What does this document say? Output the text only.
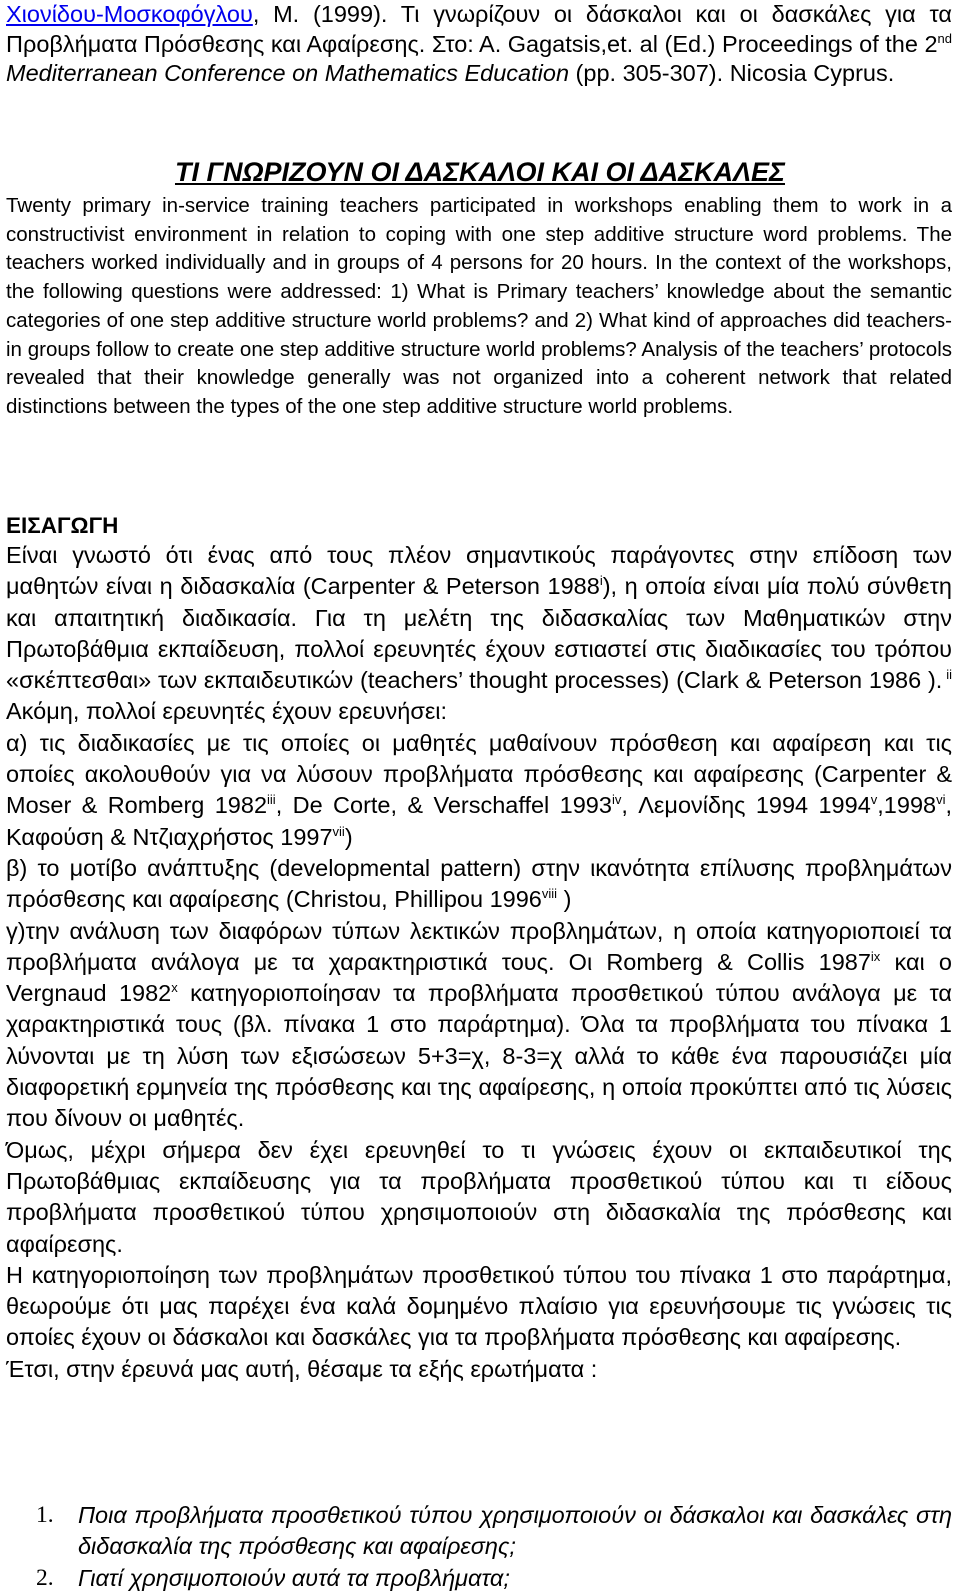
Χιονίδου-Μοσκοφόγλου, Μ. (1999). Τι γνωρίζουν οι δάσκαλοι και οι δασκάλες για τα Προβλήματα Πρόσθεσης και Αφαίρεσης. Στο: Α. Gagatsis,et. al (Ed.) Proceedings of the 2nd Mediterranean Conference on Mathematics Education (pp. 305-307). Nicosia Cyprus.

ΤΙ ΓΝΩΡΙΖΟΥΝ ΟΙ ΔΑΣΚΑΛΟΙ ΚΑΙ ΟΙ ΔΑΣΚΑΛΕΣ

Twenty primary in-service training teachers participated in workshops enabling them to work in a constructivist environment in relation to coping with one step additive structure word problems. The teachers worked individually and in groups of 4 persons for 20 hours. In the context of the workshops, the following questions were addressed: 1) What is Primary teachers’ knowledge about the semantic categories of one step additive structure world problems? and 2) What kind of approaches did teachers-in groups follow to create one step additive structure world problems? Analysis of the teachers’ protocols revealed that their knowledge generally was not organized into a coherent network that related distinctions between the types of the one step additive structure world problems.

ΕΙΣΑΓΩΓΗ

Είναι γνωστό ότι ένας από τους πλέον σημαντικούς παράγοντες στην επίδοση των μαθητών είναι η διδασκαλία (Carpenter & Peterson 1988$^i$), η οποία είναι μία πολύ σύνθετη και απαιτητική διαδικασία. Για τη μελέτη της διδασκαλίας των Μαθηματικών στην Πρωτοβάθμια εκπαίδευση, πολλοί ερευνητές έχουν εστιαστεί στις διαδικασίες του τρόπου «σκέπτεσθαι» των εκπαιδευτικών (teachers’ thought processes) (Clark & Peterson 1986 ). $^{ii}$ Ακόμη, πολλοί ερευνητές έχουν ερευνήσει:

α) τις διαδικασίες με τις οποίες οι μαθητές μαθαίνουν πρόσθεση και αφαίρεση και τις οποίες ακολουθούν για να λύσουν προβλήματα πρόσθεσης και αφαίρεσης (Carpenter & Moser & Romberg 1982$^{iii}$, De Corte, & Verschaffel 1993$^{iv}$, Λεμονίδης 1994 1994$^v$,1998$^{vi}$, Καφούση & Ντζιαχρήστος 1997$^{vii}$)

β) το μοτίβο ανάπτυξης (developmental pattern) στην ικανότητα επίλυσης προβλημάτων πρόσθεσης και αφαίρεσης (Christou, Phillipou 1996$^{viii}$ )

γ)την ανάλυση των διαφόρων τύπων λεκτικών προβλημάτων, η οποία κατηγοριοποιεί τα προβλήματα ανάλογα με τα χαρακτηριστικά τους. Οι Romberg & Collis 1987$^{ix}$ και ο Vergnaud 1982$^x$ κατηγοριοποίησαν τα προβλήματα προσθετικού τύπου ανάλογα με τα χαρακτηριστικά τους (βλ. πίνακα 1 στο παράρτημα). Όλα τα προβλήματα του πίνακα 1 λύνονται με τη λύση των εξισώσεων 5+3=χ, 8-3=χ αλλά το κάθε ένα παρουσιάζει μία διαφορετική ερμηνεία της πρόσθεσης και της αφαίρεσης, η οποία προκύπτει από τις λύσεις που δίνουν οι μαθητές.

Όμως, μέχρι σήμερα δεν έχει ερευνηθεί το τι γνώσεις έχουν οι εκπαιδευτικοί της Πρωτοβάθμιας εκπαίδευσης για τα προβλήματα προσθετικού τύπου και τι είδους προβλήματα προσθετικού τύπου χρησιμοποιούν στη διδασκαλία της πρόσθεσης και αφαίρεσης.

Η κατηγοριοποίηση των προβλημάτων προσθετικού τύπου του πίνακα 1 στο παράρτημα, θεωρούμε ότι μας παρέχει ένα καλά δομημένο πλαίσιο για ερευνήσουμε τις γνώσεις τις οποίες έχουν οι δάσκαλοι και δασκάλες για τα προβλήματα πρόσθεσης και αφαίρεσης.

Έτσι, στην έρευνά μας αυτή, θέσαμε τα εξής ερωτήματα :

1. Ποια προβλήματα προσθετικού τύπου χρησιμοποιούν οι δάσκαλοι και δασκάλες στη διδασκαλία της πρόσθεσης και αφαίρεσης;
2. Γιατί χρησιμοποιούν αυτά τα προβλήματα;
